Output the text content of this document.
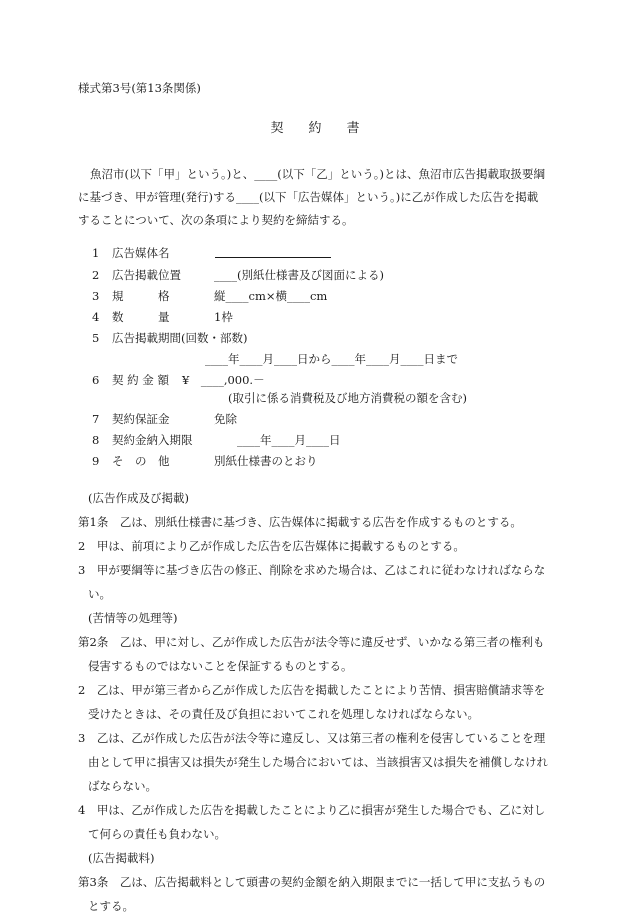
様式第3号(第13条関係)
契約書
魚沼市(以下「甲」という。)と、____(以下「乙」という。)とは、魚沼市広告掲載取扱要綱に基づき、甲が管理(発行)する____(以下「広告媒体」という。)に乙が作成した広告を掲載することについて、次の条項により契約を締結する。
1	広告媒体名
2	広告掲載位置	____(別紙仕様書及び図面による)
3	規　　　格	縦____cm×横____cm
4	数　　　量	1枠
5	広告掲載期間(回数・部数)
____年____月____日から____年____月____日まで
6	契 約 金 額 ¥　____,000.－
(取引に係る消費税及び地方消費税の額を含む)
7	契約保証金	免除
8	契約金納入期限	____年____月____日
9	そ　の　他	別紙仕様書のとおり
(広告作成及び掲載)
第1条　乙は、別紙仕様書に基づき、広告媒体に掲載する広告を作成するものとする。
2　甲は、前項により乙が作成した広告を広告媒体に掲載するものとする。
3　甲が要綱等に基づき広告の修正、削除を求めた場合は、乙はこれに従わなければならない。
(苦情等の処理等)
第2条　乙は、甲に対し、乙が作成した広告が法令等に違反せず、いかなる第三者の権利も侵害するものではないことを保証するものとする。
2　乙は、甲が第三者から乙が作成した広告を掲載したことにより苦情、損害賠償請求等を受けたときは、その責任及び負担においてこれを処理しなければならない。
3　乙は、乙が作成した広告が法令等に違反し、又は第三者の権利を侵害していることを理由として甲に損害又は損失が発生した場合においては、当該損害又は損失を補償しなければならない。
4　甲は、乙が作成した広告を掲載したことにより乙に損害が発生した場合でも、乙に対して何らの責任も負わない。
(広告掲載料)
第3条　乙は、広告掲載料として頭書の契約金額を納入期限までに一括して甲に支払うものとする。
